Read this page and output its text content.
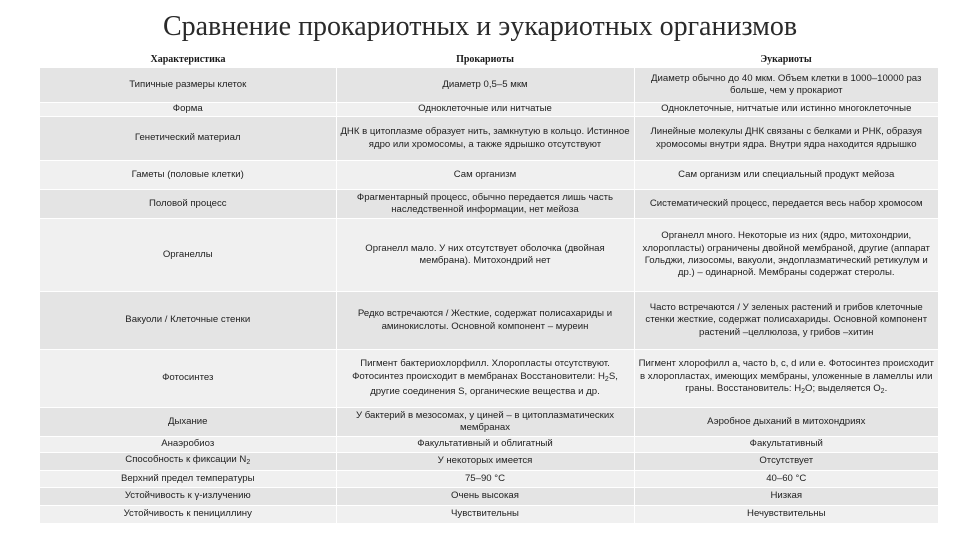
Сравнение прокариотных и эукариотных организмов
Характеристика	Прокариоты	Эукариоты
Типичные размеры клеток	Диаметр 0,5–5 мкм	Диаметр обычно до 40 мкм. Объем клетки в 1000–10000 раз больше, чем у прокариот
Форма	Одноклеточные или нитчатые	Одноклеточные, нитчатые или истинно многоклеточные
Генетический материал	ДНК в цитоплазме образует нить, замкнутую в кольцо. Истинное ядро или хромосомы, а также ядрышко отсутствуют	Линейные молекулы ДНК связаны с белками и РНК, образуя хромосомы внутри ядра. Внутри ядра находится ядрышко
Гаметы (половые клетки)	Сам организм	Сам организм или специальный продукт мейоза
Половой процесс	Фрагментарный процесс, обычно передается лишь часть наследственной информации, нет мейоза	Систематический процесс, передается весь набор хромосом
Органеллы	Органелл мало. У них отсутствует оболочка (двойная мембрана). Митохондрий нет	Органелл много. Некоторые из них (ядро, митохондрии, хлоропласты) ограничены двойной мембраной, другие (аппарат Гольджи, лизосомы, вакуоли, эндоплазматический ретикулум и др.) – одинарной. Мембраны содержат стеролы.
Вакуоли / Клеточные стенки	Редко встречаются / Жесткие, содержат полисахариды и аминокислоты. Основной компонент – муреин	Часто встречаются / У зеленых растений и грибов клеточные стенки жесткие, содержат полисахариды. Основной компонент растений –целлюлоза, у грибов –хитин
Фотосинтез	Пигмент бактериохлорфилл. Хлоропласты отсутствуют. Фотосинтез происходит в мембранах Восстановители: $H_2S$, другие соединения S, органические вещества и др.	Пигмент хлорофилл а, часто b, c, d или e. Фотосинтез происходит в хлоропластах, имеющих мембраны, уложенные в ламеллы или граны. Восстановитель: $H_2O$; выделяется $O_2$.
Дыхание	У бактерий в мезосомах, у циней – в цитоплазматических мембранах	Аэробное дыханий в митохондриях
Анаэробиоз	Факультативный и облигатный	Факультативный
Способность к фиксации $N_2$	У некоторых имеется	Отсутствует
Верхний предел температуры	75–90 °С	40–60 °С
Устойчивость к γ-излучению	Очень высокая	Низкая
Устойчивость к пенициллину	Чувствительны	Нечувствительны
